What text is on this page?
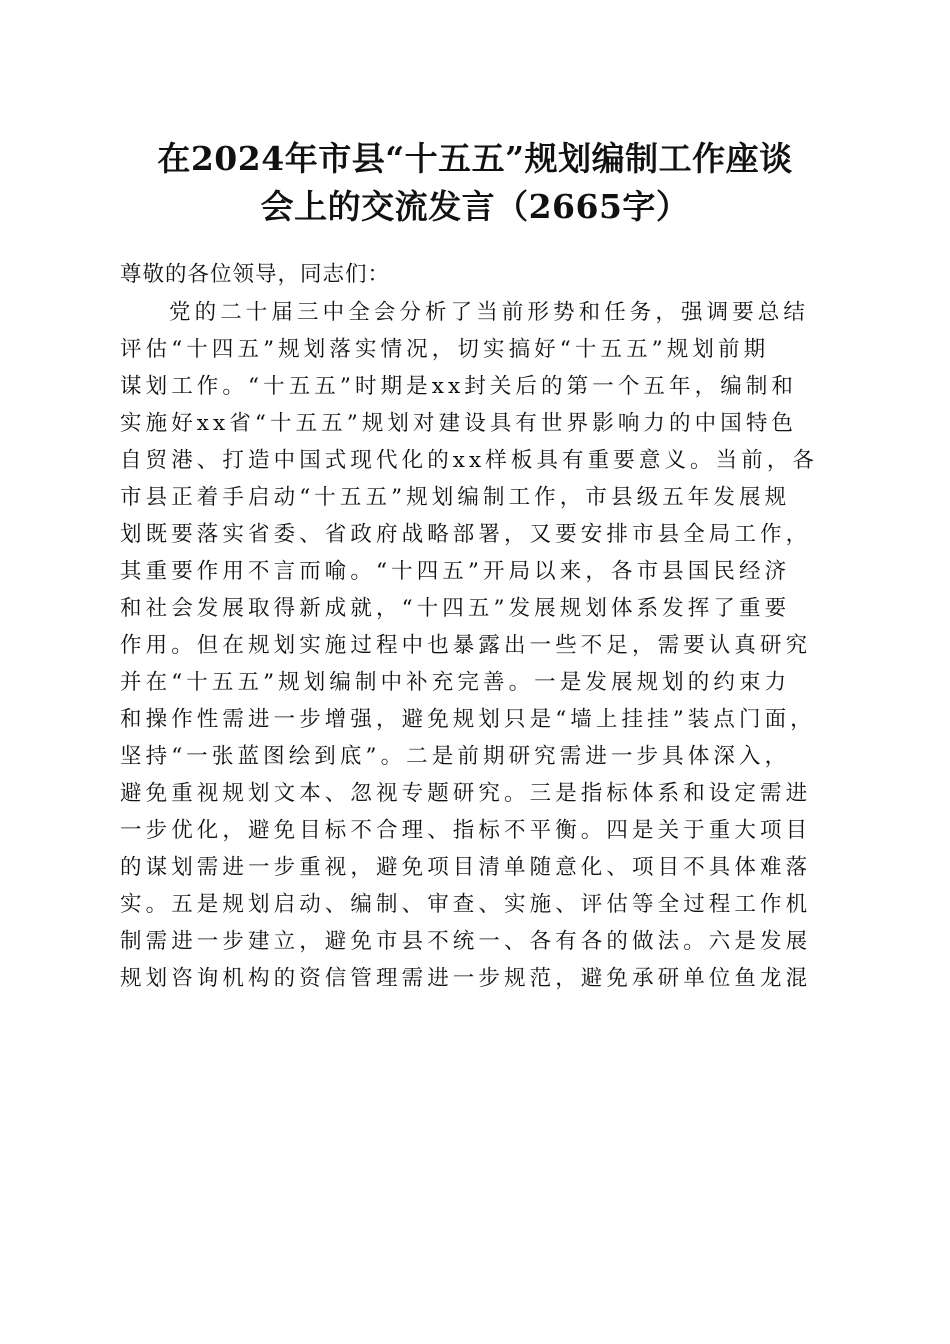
在2024年市县“十五五”规划编制工作座谈
会上的交流发言（2665字）
尊敬的各位领导，同志们：
党的二十届三中全会分析了当前形势和任务，强调要总结
评估“十四五”规划落实情况，切实搞好“十五五”规划前期
谋划工作。“十五五”时期是xx封关后的第一个五年，编制和
实施好xx省“十五五”规划对建设具有世界影响力的中国特色
自贸港、打造中国式现代化的xx样板具有重要意义。当前，各
市县正着手启动“十五五”规划编制工作，市县级五年发展规
划既要落实省委、省政府战略部署，又要安排市县全局工作，
其重要作用不言而喻。“十四五”开局以来，各市县国民经济
和社会发展取得新成就，“十四五”发展规划体系发挥了重要
作用。但在规划实施过程中也暴露出一些不足，需要认真研究
并在“十五五”规划编制中补充完善。一是发展规划的约束力
和操作性需进一步增强，避免规划只是“墙上挂挂”装点门面，
坚持“一张蓝图绘到底”。二是前期研究需进一步具体深入，
避免重视规划文本、忽视专题研究。三是指标体系和设定需进
一步优化，避免目标不合理、指标不平衡。四是关于重大项目
的谋划需进一步重视，避免项目清单随意化、项目不具体难落
实。五是规划启动、编制、审查、实施、评估等全过程工作机
制需进一步建立，避免市县不统一、各有各的做法。六是发展
规划咨询机构的资信管理需进一步规范，避免承研单位鱼龙混
